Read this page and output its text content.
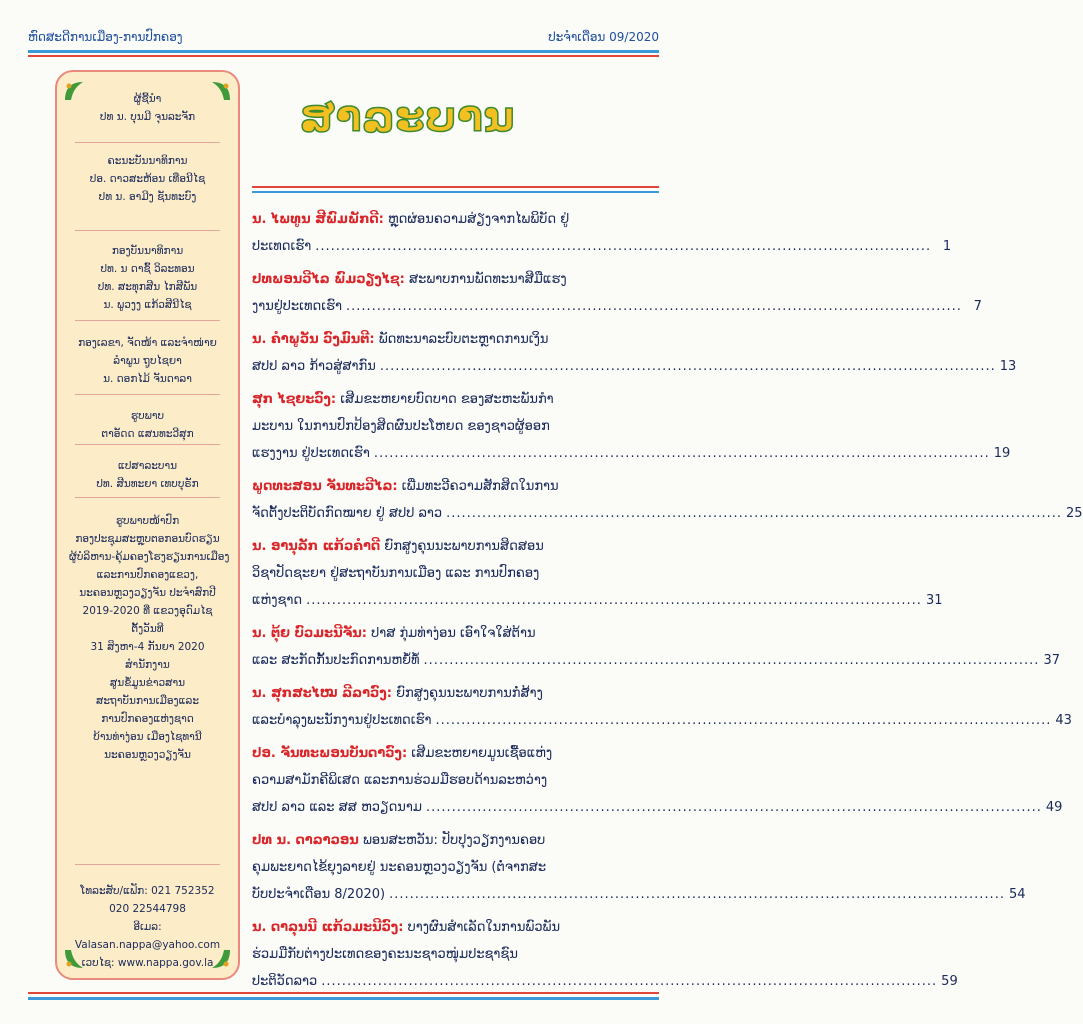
ຫົດສະດີການເມືອງ-ການປົກຄອງ	ປະຈຳເດືອນ 09/2020
ຜູ້ຊີ້ນຳ
ປທ ນ. ບຸນມີ ຈຸນລະຈັກ
ຄະນະບັນນາທິການ
ປອ. ດາວສະຫ້ອນ ເທືອນີໄຊ
ປທ ນ. ອາມີງ ຊັນທະບົງ
ກອງບັນນາທິການ
ປທ. ນ ດາຊົ້ ວິລະທອນ
ປທ. ສະທຸກສີນ ໄກສີພັນ
ນ. ພູວງງ ແກ້ວສີນີໄຊ
ກອງເລຂາ, ຈັດໜ້າ ແລະຈຳໜ່າຍ
ລຳພູນ ຖູບໄຊຍາ
ນ. ດອກໄມ້ ຈັນດາລາ
ຮູບພາບ
ຕາອັດດ ແສນທະວີສຸກ
ແປສາລະບານ
ປທ. ສີນທະຍາ ເທບບຸຣັກ
ຮູບພາບໜ້າປົກ
ກອງປະຊຸມສະຫຼຸບຕອກອນບົດຮຽນ
ຜູ້ບໍລິຫານ-ຄຸ້ມຄອງໂຮງຮຽນການເມືອງ
ແລະການປົກຄອງແຂວງ,
ນະຄອນຫຼວງວຽງຈັນ ປະຈຳສົກປີ
2019-2020 ທີ່ ແຂວງອຸດົມໄຊ
ຕັ້ງວັນທີ
31 ສິງຫາ-4 ກັນຍາ 2020
ສຳນັກງານ
ສູນຂໍ້ມູນຂ່າວສານ
ສະຖາບັນການເມືອງແລະ
ການປົກຄອງແຫ່ງຊາດ
ບ້ານທ່າງ່ອນ ເມືອງໄຊທານີ
ນະຄອນຫຼວງວຽງຈັນ
ໂທລະສັບ/ແຟັກ: 021 752352
020 22544798
ອີເມລ:
Valasan.nappa@yahoo.com
ເວບໄຊ: www.nappa.gov.la
ສາລະບານ
ນ. ໄພທູນ ສີພົມພັກດີ: ຫຼຸດຜ່ອນຄວາມສ່ຽງຈາກໄພພິບັດ ຢູ່
ປະເທດເຮົາ ........................................................................................................................ 1
ປທພອນວີໄລ ພົມວຽງໄຊ: ສະພາບການພັດທະນາສີມືແຮງ
ງານຢູ່ປະເທດເຮົາ ........................................................................................................................ 7
ນ. ຄຳພູວັນ ວົງມົນຕີ: ພັດທະນາລະບົບຕະຫຼາດການເງິນ
ສປປ ລາວ ກ້າວສູ່ສາກົນ ........................................................................................................................ 13
ສຸກ ໄຊຍະວົງ: ເສີມຂະຫຍາຍບົດບາດ ຂອງສະຫະພັນກຳ
ມະບານ ໃນການປົກປ້ອງສິດຜົນປະໂຫຍດ ຂອງຊາວຜູ້ອອກ
ແຮງງານ ຢູ່ປະເທດເຮົາ ........................................................................................................................ 19
ພູດທະສອນ ຈັນທະວີໄລ: ເພີ່ມທະວີຄວາມສັກສິດໃນການ
ຈັດຕັ້ງປະຕິບັດກົດໝາຍ ຢູ່ ສປປ ລາວ ........................................................................................................................ 25
ນ. ອານຸລັກ ແກ້ວຄຳດີ ຍົກສູງຄຸນນະພາບການສິດສອນ
ວິຊາປັດຊະຍາ ຢູ່ສະຖາບັນການເມືອງ ແລະ ການປົກຄອງ
ແຫ່ງຊາດ ........................................................................................................................ 31
ນ. ຕຸ້ຍ ບົວມະນີຈັນ: ປາສ ກຸ່ມທ່າງ່ອນ ເອົາໃຈໃສ່ຕ້ານ
ແລະ ສະກັດກັ້ນປະກົດການຫຍໍ້ທໍ້ ........................................................................................................................ 37
ນ. ສຸກສະໄໝ ລີລາວົງ: ຍົກສູງຄຸນນະພາບການກໍ່ສ້າງ
ແລະບຳລຸງພະນັກງານຢູ່ປະເທດເຮົາ ........................................................................................................................ 43
ປອ. ຈັນທະພອນບັນດາວົງ: ເສີມຂະຫຍາຍມູນເຊື້ອແຫ່ງ
ຄວາມສາມັກຄີພິເສດ ແລະການຮ່ວມມືຮອບດ້ານລະຫວ່າງ
ສປປ ລາວ ແລະ ສສ ຫວຽດນາມ ........................................................................................................................ 49
ປທ ນ. ດາລາວອນ ພອນສະຫວັນ: ປັບປຸງວຽກງານຄອບ
ຄຸມພະຍາດໄຂ້ຍຸງລາຍຢູ່ ນະຄອນຫຼວງວຽງຈັນ (ຕໍ່ຈາກສະ
ບັບປະຈຳເດືອນ 8/2020) ........................................................................................................................ 54
ນ. ດາລຸນນີ ແກ້ວມະນີວົງ: ບາງຜົນສຳເລັດໃນການພົວພັນ
ຮ່ວມມືກັບຕ່າງປະເທດຂອງຄະນະຊາວໜຸ່ມປະຊາຊົນ
ປະຕິວັດລາວ ........................................................................................................................ 59
